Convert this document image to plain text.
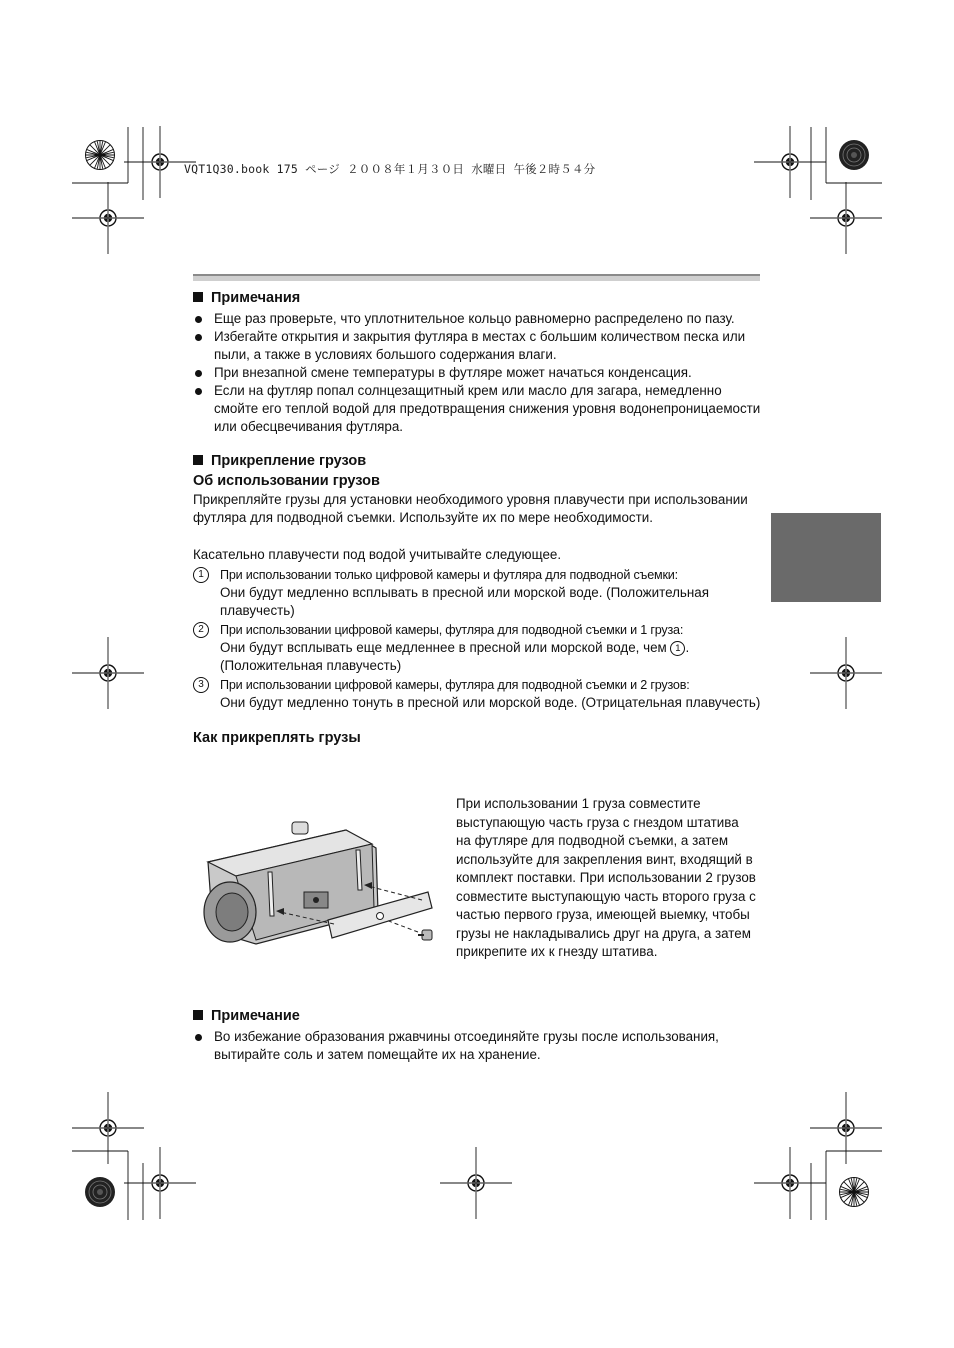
VQT1Q30.book 175 ページ ２００８年１月３０日 水曜日 午後２時５４分
Примечания
Еще раз проверьте, что уплотнительное кольцо равномерно распределено по пазу.
Избегайте открытия и закрытия футляра в местах с большим количеством песка или пыли, а также в условиях большого содержания влаги.
При внезапной смене температуры в футляре может начаться конденсация.
Если на футляр попал солнцезащитный крем или масло для загара, немедленно смойте его теплой водой для предотвращения снижения уровня водонепроницаемости или обесцвечивания футляра.
Прикрепление грузов
Об использовании грузов

Прикрепляйте грузы для установки необходимого уровня плавучести при использовании футляра для подводной съемки. Используйте их по мере необходимости.

Касательно плавучести под водой учитывайте следующее.

1	При использовании только цифровой камеры и футляра для подводной съемки:
Они будут медленно всплывать в пресной или морской воде. (Положительная плавучесть)
2	При использовании цифровой камеры, футляра для подводной съемки и 1 груза:
Они будут всплывать еще медленнее в пресной или морской воде, чем 1 . (Положительная плавучесть)
3	При использовании цифровой камеры, футляра для подводной съемки и 2 грузов:
Они будут медленно тонуть в пресной или морской воде. (Отрицательная плавучесть)
Как прикреплять грузы
При использовании 1 груза совместите выступающую часть груза с гнездом штатива на футляре для подводной съемки, а затем используйте для закрепления винт, входящий в комплект поставки. При использовании 2 грузов совместите выступающую часть второго груза с частью первого груза, имеющей выемку, чтобы грузы не накладывались друг на друга, а затем прикрепите их к гнезду штатива.
Примечание
Во избежание образования ржавчины отсоединяйте грузы после использования, вытирайте соль и затем помещайте их на хранение.
